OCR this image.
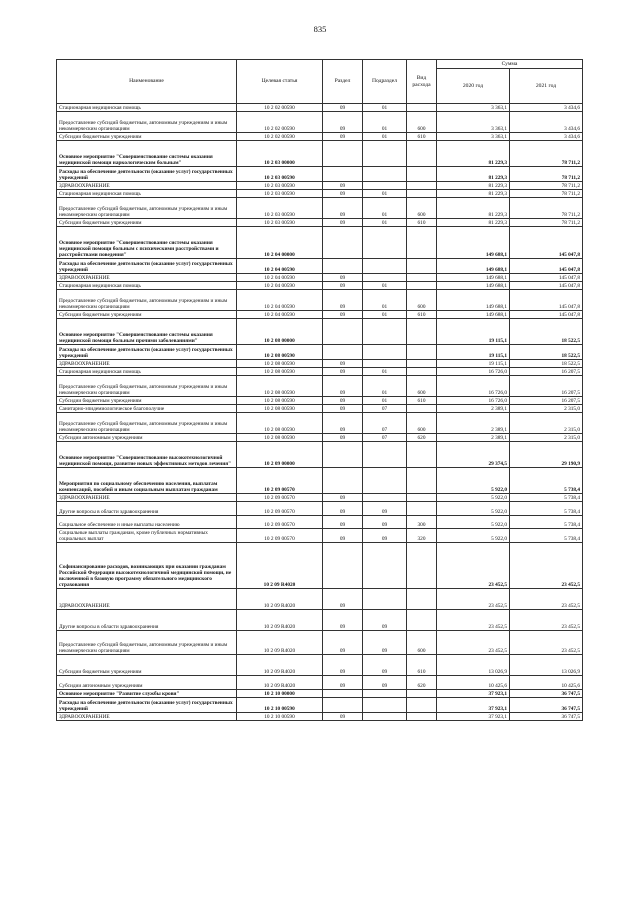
835
Наименование	Целевая статья	Раздел	Подраздел	Вид расхода	Сумма	
					2020 год	2021 год
Стационарная медицинская помощь	10 2 02 00590	09	01		3 363,1	3 434,6
Предоставление субсидий бюджетным, автономным учреждениям и иным некоммерческим организациям	10 2 02 00590	09	01	600	3 363,1	3 434,6
Субсидии бюджетным учреждениям	10 2 02 00590	09	01	610	3 363,1	3 434,6
Основное мероприятие "Совершенствование системы оказания медицинской помощи наркологическим больным"	10 2 03 00000				81 229,3	78 711,2
Расходы на обеспечение деятельности (оказание услуг) государственных учреждений	10 2 03 00590				81 229,3	78 711,2
ЗДРАВООХРАНЕНИЕ	10 2 03 00590	09			81 229,3	78 711,2
Стационарная медицинская помощь	10 2 03 00590	09	01		81 229,3	78 711,2
Предоставление субсидий бюджетным, автономным учреждениям и иным некоммерческим организациям	10 2 03 00590	09	01	600	81 229,3	78 711,2
Субсидии бюджетным учреждениям	10 2 03 00590	09	01	610	81 229,3	78 711,2
Основное мероприятие "Совершенствование системы оказания медицинской помощи больным с психическими расстройствами и расстройствами поведения"	10 2 04 00000				149 688,1	145 047,8
Расходы на обеспечение деятельности (оказание услуг) государственных учреждений	10 2 04 00590				149 688,1	145 047,8
ЗДРАВООХРАНЕНИЕ	10 2 04 00590	09			149 688,1	145 047,8
Стационарная медицинская помощь	10 2 04 00590	09	01		149 688,1	145 047,8
Предоставление субсидий бюджетным, автономным учреждениям и иным некоммерческим организациям	10 2 04 00590	09	01	600	149 688,1	145 047,8
Субсидии бюджетным учреждениям	10 2 04 00590	09	01	610	149 688,1	145 047,8
Основное мероприятие "Совершенствование системы оказания медицинской помощи больным прочими заболеваниями"	10 2 08 00000				19 115,1	18 522,5
Расходы на обеспечение деятельности (оказание услуг) государственных учреждений	10 2 08 00590				19 115,1	18 522,5
ЗДРАВООХРАНЕНИЕ	10 2 08 00590	09			19 115,1	18 522,5
Стационарная медицинская помощь	10 2 08 00590	09	01		16 726,0	16 207,5
Предоставление субсидий бюджетным, автономным учреждениям и иным некоммерческим организациям	10 2 08 00590	09	01	600	16 726,0	16 207,5
Субсидии бюджетным учреждениям	10 2 08 00590	09	01	610	16 726,0	16 207,5
Санитарно-эпидемиологическое благополучие	10 2 08 00590	09	07		2 389,1	2 315,0
Предоставление субсидий бюджетным, автономным учреждениям и иным некоммерческим организациям	10 2 08 00590	09	07	600	2 389,1	2 315,0
Субсидии автономным учреждениям	10 2 08 00590	09	07	620	2 389,1	2 315,0
Основное мероприятие "Совершенствование высокотехнологичной медицинской помощи, развитие новых эффективных методов лечения"	10 2 09 00000				29 374,5	29 190,9
Мероприятия по социальному обеспечению населения, выплатам компенсаций, пособий и иным социальным выплатам гражданам	10 2 09 00570				5 922,0	5 738,4
ЗДРАВООХРАНЕНИЕ	10 2 09 00570	09			5 922,0	5 738,4
Другие вопросы в области здравоохранения	10 2 09 00570	09	09		5 922,0	5 738,4
Социальное обеспечение и иные выплаты населению	10 2 09 00570	09	09	300	5 922,0	5 738,4
Социальные выплаты гражданам, кроме публичных нормативных социальных выплат	10 2 09 00570	09	09	320	5 922,0	5 738,4
Софинансирование расходов, возникающих при оказании гражданам Российской Федерации высокотехнологичной медицинской помощи, не включенной в базовую программу обязательного медицинского страхования	10 2 09 R4020				23 452,5	23 452,5
ЗДРАВООХРАНЕНИЕ	10 2 09 R4020	09			23 452,5	23 452,5
Другие вопросы в области здравоохранения	10 2 09 R4020	09	09		23 452,5	23 452,5
Предоставление субсидий бюджетным, автономным учреждениям и иным некоммерческим организациям	10 2 09 R4020	09	09	600	23 452,5	23 452,5
Субсидии бюджетным учреждениям	10 2 09 R4020	09	09	610	13 026,9	13 026,9
Субсидии автономным учреждениям	10 2 09 R4020	09	09	620	10 425,6	10 425,6
Основное мероприятие "Развитие службы крови"	10 2 10 00000				37 923,1	36 747,5
Расходы на обеспечение деятельности (оказание услуг) государственных учреждений	10 2 10 00590				37 923,1	36 747,5
ЗДРАВООХРАНЕНИЕ	10 2 10 00590	09			37 923,1	36 747,5
